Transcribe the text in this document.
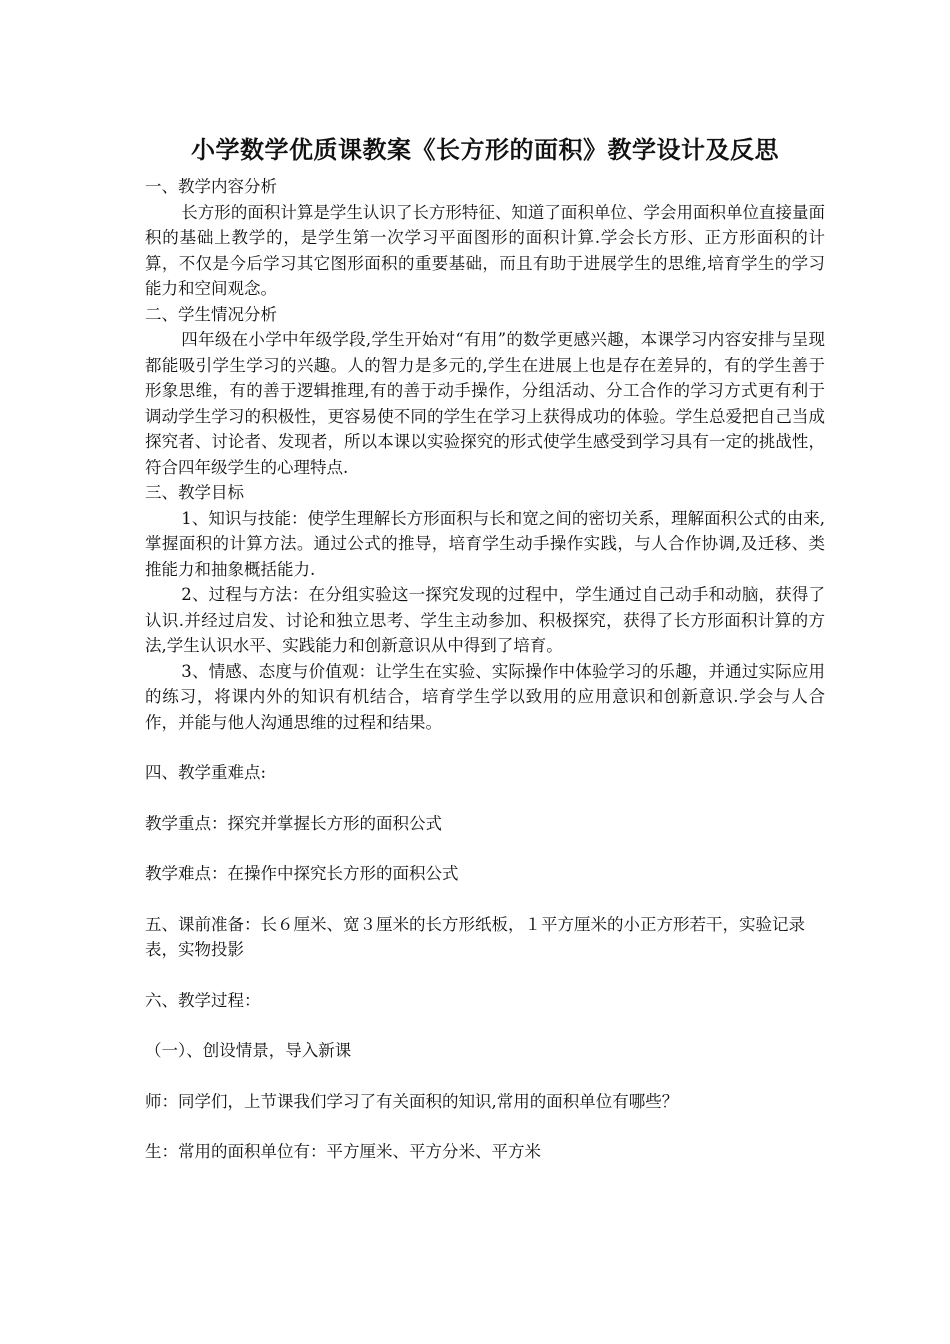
小学数学优质课教案《长方形的面积》教学设计及反思
一、教学内容分析
长方形的面积计算是学生认识了长方形特征、知道了面积单位、学会用面积单位直接量面积的基础上教学的，是学生第一次学习平面图形的面积计算.学会长方形、正方形面积的计算，不仅是今后学习其它图形面积的重要基础，而且有助于进展学生的思维,培育学生的学习能力和空间观念。
二、学生情况分析
四年级在小学中年级学段,学生开始对“有用”的数学更感兴趣，本课学习内容安排与呈现都能吸引学生学习的兴趣。人的智力是多元的,学生在进展上也是存在差异的，有的学生善于形象思维，有的善于逻辑推理,有的善于动手操作，分组活动、分工合作的学习方式更有利于调动学生学习的积极性，更容易使不同的学生在学习上获得成功的体验。学生总爱把自己当成探究者、讨论者、发现者，所以本课以实验探究的形式使学生感受到学习具有一定的挑战性，符合四年级学生的心理特点.
三、教学目标
1、知识与技能：使学生理解长方形面积与长和宽之间的密切关系，理解面积公式的由来,掌握面积的计算方法。通过公式的推导，培育学生动手操作实践，与人合作协调,及迁移、类推能力和抽象概括能力.
2、过程与方法：在分组实验这一探究发现的过程中，学生通过自己动手和动脑，获得了认识.并经过启发、讨论和独立思考、学生主动参加、积极探究，获得了长方形面积计算的方法,学生认识水平、实践能力和创新意识从中得到了培育。
3、情感、态度与价值观：让学生在实验、实际操作中体验学习的乐趣，并通过实际应用的练习，将课内外的知识有机结合，培育学生学以致用的应用意识和创新意识.学会与人合作，并能与他人沟通思维的过程和结果。
四、教学重难点:
教学重点：探究并掌握长方形的面积公式
教学难点：在操作中探究长方形的面积公式
五、课前准备：长６厘米、宽３厘米的长方形纸板，１平方厘米的小正方形若干，实验记录表，实物投影
六、教学过程：
（一）、创设情景，导入新课
师：同学们，上节课我们学习了有关面积的知识,常用的面积单位有哪些？
生：常用的面积单位有：平方厘米、平方分米、平方米
